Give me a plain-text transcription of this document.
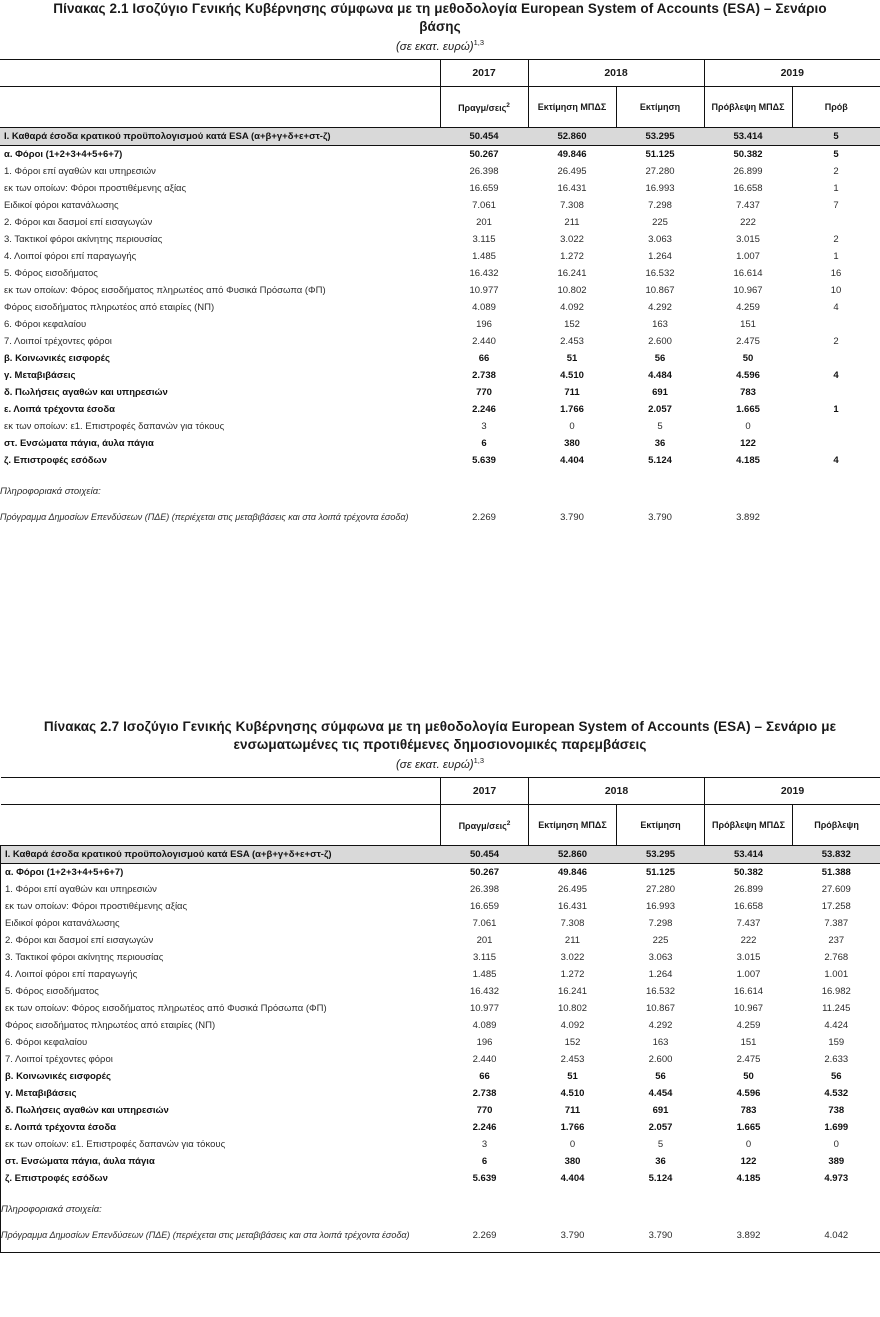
Πίνακας 2.1 Ισοζύγιο Γενικής Κυβέρνησης σύμφωνα με τη μεθοδολογία European System of Accounts (ESA) – Σενάριο βάσης
(σε εκατ. ευρώ)$^{1,3}$
	2017	2018		2019	
	Πραγμ/σεις$^2$	Εκτίμηση ΜΠΔΣ	Εκτίμηση	Πρόβλεψη ΜΠΔΣ	Πρόβ
Ι. Καθαρά έσοδα κρατικού προϋπολογισμού κατά ESA (α+β+γ+δ+ε+στ-ζ)	50.454	52.860	53.295	53.414	5
α. Φόροι (1+2+3+4+5+6+7)	50.267	49.846	51.125	50.382	5
1. Φόροι επί αγαθών και υπηρεσιών	26.398	26.495	27.280	26.899	2
εκ των οποίων: Φόροι προστιθέμενης αξίας	16.659	16.431	16.993	16.658	1
Ειδικοί φόροι κατανάλωσης	7.061	7.308	7.298	7.437	7
2. Φόροι και δασμοί επί εισαγωγών	201	211	225	222	
3. Τακτικοί φόροι ακίνητης περιουσίας	3.115	3.022	3.063	3.015	2
4. Λοιποί φόροι επί παραγωγής	1.485	1.272	1.264	1.007	1
5. Φόρος εισοδήματος	16.432	16.241	16.532	16.614	16
εκ των οποίων: Φόρος εισοδήματος πληρωτέος από Φυσικά Πρόσωπα (ΦΠ)	10.977	10.802	10.867	10.967	10
Φόρος εισοδήματος πληρωτέος από εταιρίες (ΝΠ)	4.089	4.092	4.292	4.259	4
6. Φόροι κεφαλαίου	196	152	163	151	
7. Λοιποί τρέχοντες φόροι	2.440	2.453	2.600	2.475	2
β. Κοινωνικές εισφορές	66	51	56	50	
γ. Μεταβιβάσεις	2.738	4.510	4.484	4.596	4
δ. Πωλήσεις αγαθών και υπηρεσιών	770	711	691	783	
ε. Λοιπά τρέχοντα έσοδα	2.246	1.766	2.057	1.665	1
εκ των οποίων: ε1. Επιστροφές δαπανών για τόκους	3	0	5	0	
στ. Ενσώματα πάγια, άυλα πάγια	6	380	36	122	
ζ. Επιστροφές εσόδων	5.639	4.404	5.124	4.185	4

Πληροφοριακά στοιχεία:					
Πρόγραμμα Δημοσίων Επενδύσεων (ΠΔΕ) (περιέχεται στις μεταβιβάσεις και στα λοιπά τρέχοντα έσοδα)	2.269	3.790	3.790	3.892	
Πίνακας 2.7 Ισοζύγιο Γενικής Κυβέρνησης σύμφωνα με τη μεθοδολογία European System of Accounts (ESA) – Σενάριο με ενσωματωμένες τις προτιθέμενες δημοσιονομικές παρεμβάσεις
(σε εκατ. ευρώ)$^{1,3}$
	2017	2018		2019	
	Πραγμ/σεις$^2$	Εκτίμηση ΜΠΔΣ	Εκτίμηση	Πρόβλεψη ΜΠΔΣ	Πρόβλεψη
Ι. Καθαρά έσοδα κρατικού προϋπολογισμού κατά ESA (α+β+γ+δ+ε+στ-ζ)	50.454	52.860	53.295	53.414	53.832
α. Φόροι (1+2+3+4+5+6+7)	50.267	49.846	51.125	50.382	51.388
1. Φόροι επί αγαθών και υπηρεσιών	26.398	26.495	27.280	26.899	27.609
εκ των οποίων: Φόροι προστιθέμενης αξίας	16.659	16.431	16.993	16.658	17.258
Ειδικοί φόροι κατανάλωσης	7.061	7.308	7.298	7.437	7.387
2. Φόροι και δασμοί επί εισαγωγών	201	211	225	222	237
3. Τακτικοί φόροι ακίνητης περιουσίας	3.115	3.022	3.063	3.015	2.768
4. Λοιποί φόροι επί παραγωγής	1.485	1.272	1.264	1.007	1.001
5. Φόρος εισοδήματος	16.432	16.241	16.532	16.614	16.982
εκ των οποίων: Φόρος εισοδήματος πληρωτέος από Φυσικά Πρόσωπα (ΦΠ)	10.977	10.802	10.867	10.967	11.245
Φόρος εισοδήματος πληρωτέος από εταιρίες (ΝΠ)	4.089	4.092	4.292	4.259	4.424
6. Φόροι κεφαλαίου	196	152	163	151	159
7. Λοιποί τρέχοντες φόροι	2.440	2.453	2.600	2.475	2.633
β. Κοινωνικές εισφορές	66	51	56	50	56
γ. Μεταβιβάσεις	2.738	4.510	4.454	4.596	4.532
δ. Πωλήσεις αγαθών και υπηρεσιών	770	711	691	783	738
ε. Λοιπά τρέχοντα έσοδα	2.246	1.766	2.057	1.665	1.699
εκ των οποίων: ε1. Επιστροφές δαπανών για τόκους	3	0	5	0	0
στ. Ενσώματα πάγια, άυλα πάγια	6	380	36	122	389
ζ. Επιστροφές εσόδων	5.639	4.404	5.124	4.185	4.973

Πληροφοριακά στοιχεία:					
Πρόγραμμα Δημοσίων Επενδύσεων (ΠΔΕ) (περιέχεται στις μεταβιβάσεις και στα λοιπά τρέχοντα έσοδα)	2.269	3.790	3.790	3.892	4.042
